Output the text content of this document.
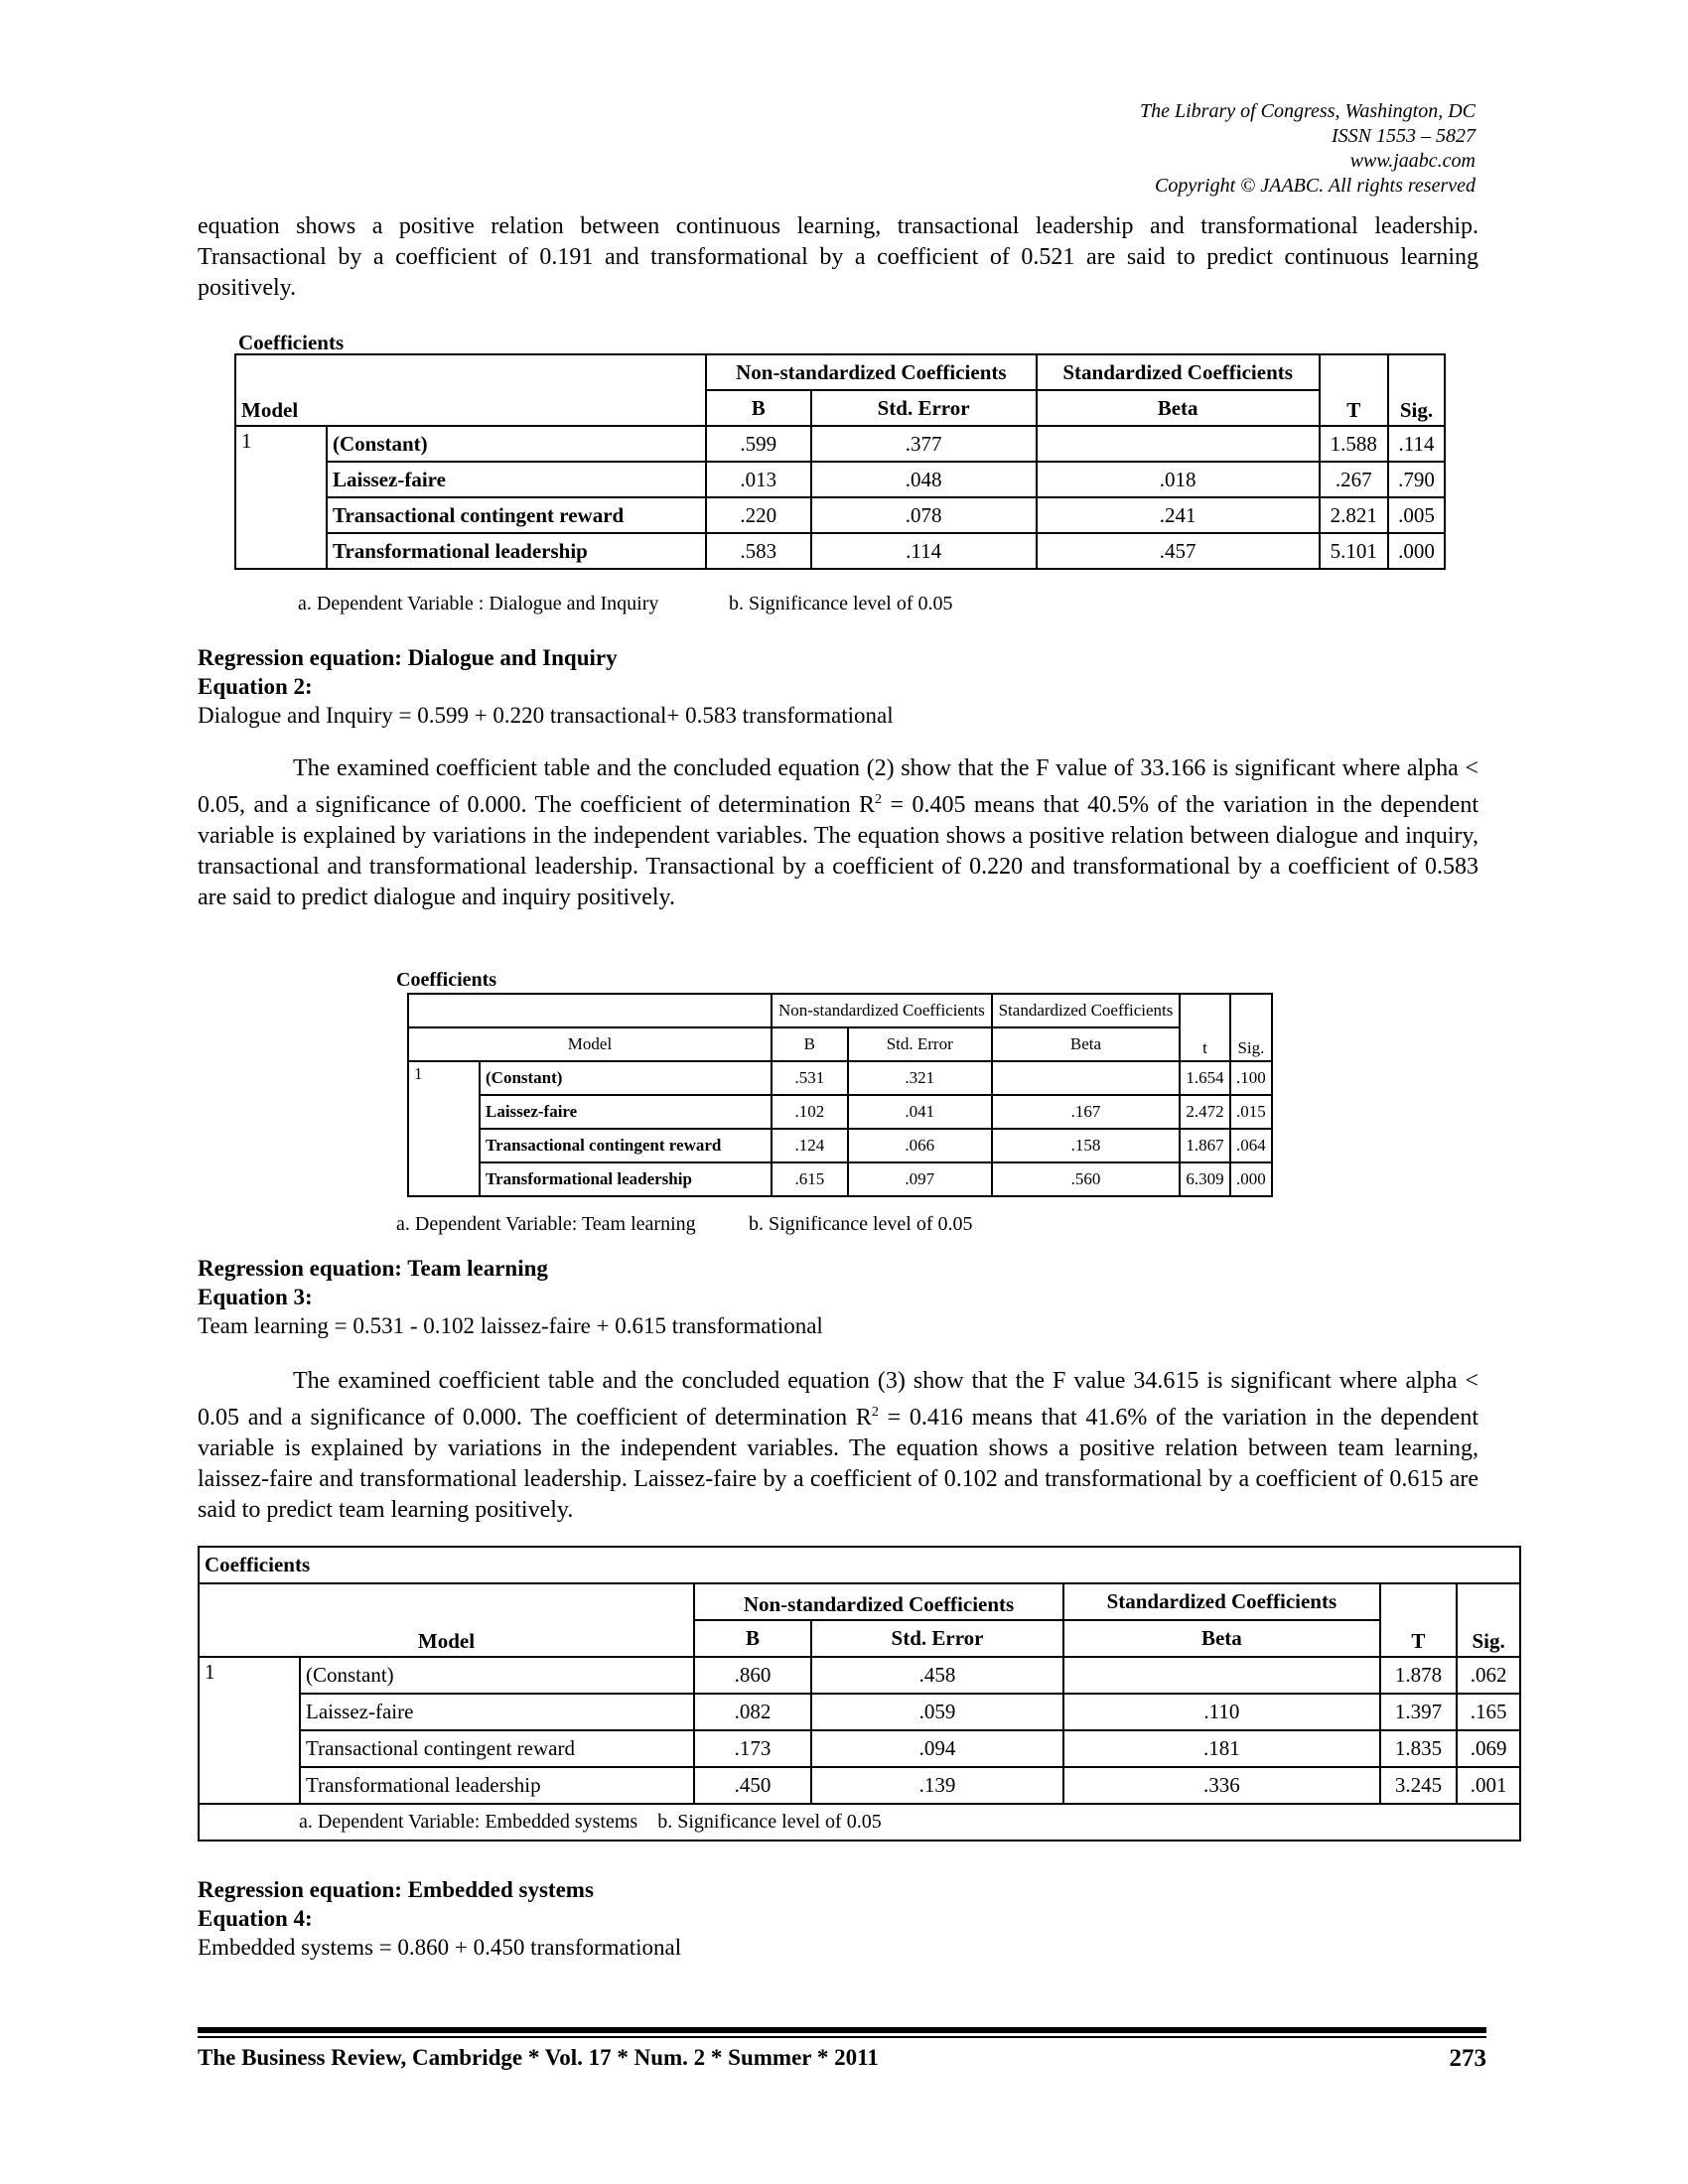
The Library of Congress, Washington, DC
ISSN 1553 – 5827
www.jaabc.com
Copyright © JAABC. All rights reserved
equation shows a positive relation between continuous learning, transactional leadership and transformational leadership. Transactional by a coefficient of 0.191 and transformational by a coefficient of 0.521 are said to predict continuous learning positively.
Coefficients
Model		Non-standardized Coefficients		Standardized Coefficients	T	Sig.
		B	Std. Error	Beta		
1	(Constant)	.599	.377		1.588	.114
	Laissez-faire	.013	.048	.018	.267	.790
	Transactional contingent reward	.220	.078	.241	2.821	.005
	Transformational leadership	.583	.114	.457	5.101	.000
a. Dependent Variable : Dialogue and Inquiry	b. Significance level of 0.05
Regression equation: Dialogue and Inquiry
Equation 2:
Dialogue and Inquiry = 0.599 + 0.220 transactional+ 0.583 transformational
The examined coefficient table and the concluded equation (2) show that the F value of 33.166 is significant where alpha < 0.05, and a significance of 0.000. The coefficient of determination $R^2 = 0.405$ means that 40.5% of the variation in the dependent variable is explained by variations in the independent variables. The equation shows a positive relation between dialogue and inquiry, transactional and transformational leadership. Transactional by a coefficient of 0.220 and transformational by a coefficient of 0.583 are said to predict dialogue and inquiry positively.
Coefficients
		Non-standardized Coefficients		Standardized Coefficients	t	Sig.
Model		B	Std. Error	Beta		
1	(Constant)	.531	.321		1.654	.100
	Laissez-faire	.102	.041	.167	2.472	.015
	Transactional contingent reward	.124	.066	.158	1.867	.064
	Transformational leadership	.615	.097	.560	6.309	.000
a. Dependent Variable: Team learning	b. Significance level of 0.05
Regression equation: Team learning
Equation 3:
Team learning = 0.531 - 0.102 laissez-faire + 0.615 transformational
The examined coefficient table and the concluded equation (3) show that the F value 34.615 is significant where alpha < 0.05 and a significance of 0.000. The coefficient of determination $R^2 = 0.416$ means that 41.6% of the variation in the dependent variable is explained by variations in the independent variables. The equation shows a positive relation between team learning, laissez-faire and transformational leadership. Laissez-faire by a coefficient of 0.102 and transformational by a coefficient of 0.615 are said to predict team learning positively.
Coefficients						
Model		Non-standardized Coefficients		Standardized Coefficients	T	Sig.
		B	Std. Error	Beta		
1	(Constant)	.860	.458		1.878	.062
	Laissez-faire	.082	.059	.110	1.397	.165
	Transactional contingent reward	.173	.094	.181	1.835	.069
	Transformational leadership	.450	.139	.336	3.245	.001
a. Dependent Variable: Embedded systems b. Significance level of 0.05						
Regression equation: Embedded systems
Equation 4:
Embedded systems = 0.860 + 0.450 transformational
The Business Review, Cambridge * Vol. 17 * Num. 2 * Summer * 2011	273
